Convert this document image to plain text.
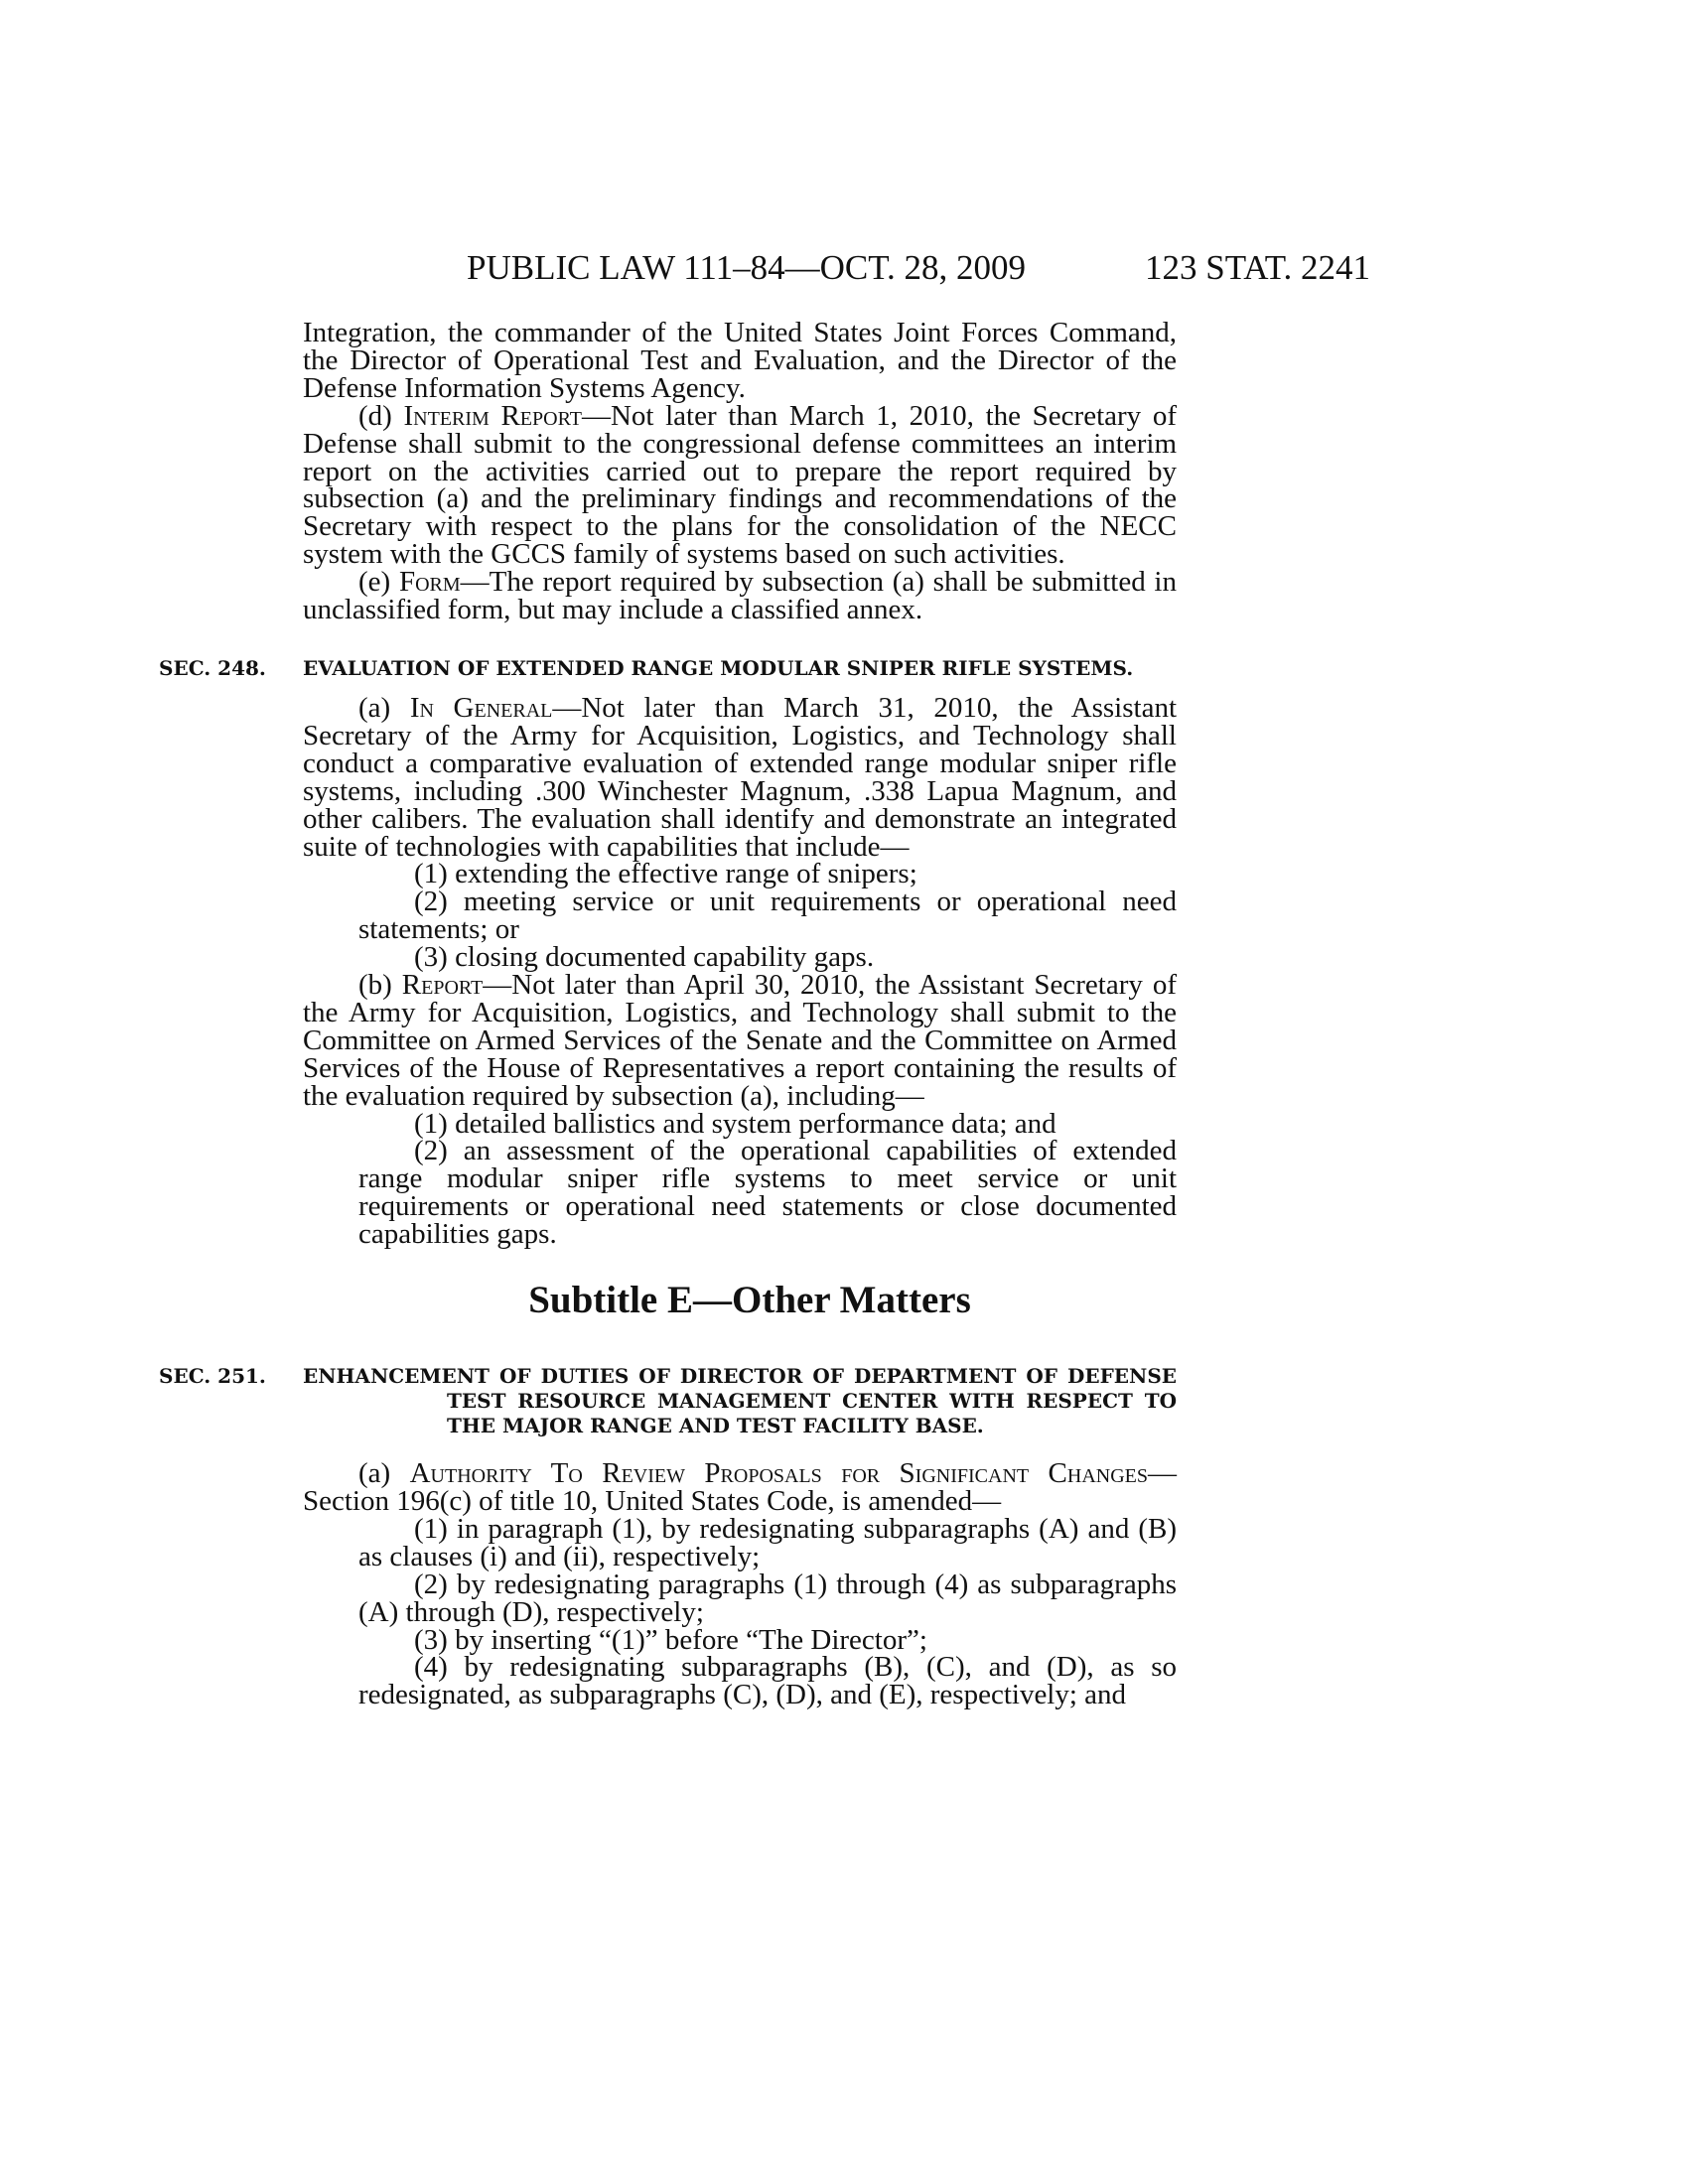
PUBLIC LAW 111–84—OCT. 28, 2009	123 STAT. 2241

Integration, the commander of the United States Joint Forces Command, the Director of Operational Test and Evaluation, and the Director of the Defense Information Systems Agency.

(d) Interim Report—Not later than March 1, 2010, the Secretary of Defense shall submit to the congressional defense committees an interim report on the activities carried out to prepare the report required by subsection (a) and the preliminary findings and recommendations of the Secretary with respect to the plans for the consolidation of the NECC system with the GCCS family of systems based on such activities.

(e) Form—The report required by subsection (a) shall be submitted in unclassified form, but may include a classified annex.

SEC. 248.EVALUATION OF EXTENDED RANGE MODULAR SNIPER RIFLE SYSTEMS.

(a) In General—Not later than March 31, 2010, the Assistant Secretary of the Army for Acquisition, Logistics, and Technology shall conduct a comparative evaluation of extended range modular sniper rifle systems, including .300 Winchester Magnum, .338 Lapua Magnum, and other calibers. The evaluation shall identify and demonstrate an integrated suite of technologies with capabilities that include—

(1) extending the effective range of snipers;

(2) meeting service or unit requirements or operational need statements; or

(3) closing documented capability gaps.

(b) Report—Not later than April 30, 2010, the Assistant Secretary of the Army for Acquisition, Logistics, and Technology shall submit to the Committee on Armed Services of the Senate and the Committee on Armed Services of the House of Representatives a report containing the results of the evaluation required by subsection (a), including—

(1) detailed ballistics and system performance data; and

(2) an assessment of the operational capabilities of extended range modular sniper rifle systems to meet service or unit requirements or operational need statements or close documented capabilities gaps.

Subtitle E—Other Matters

SEC. 251.ENHANCEMENT OF DUTIES OF DIRECTOR OF DEPARTMENT OF DEFENSE TEST RESOURCE MANAGEMENT CENTER WITH RESPECT TO THE MAJOR RANGE AND TEST FACILITY BASE.

(a) Authority To Review Proposals for Significant Changes—Section 196(c) of title 10, United States Code, is amended—

(1) in paragraph (1), by redesignating subparagraphs (A) and (B) as clauses (i) and (ii), respectively;

(2) by redesignating paragraphs (1) through (4) as subparagraphs (A) through (D), respectively;

(3) by inserting “(1)” before “The Director”;

(4) by redesignating subparagraphs (B), (C), and (D), as so redesignated, as subparagraphs (C), (D), and (E), respectively; and
